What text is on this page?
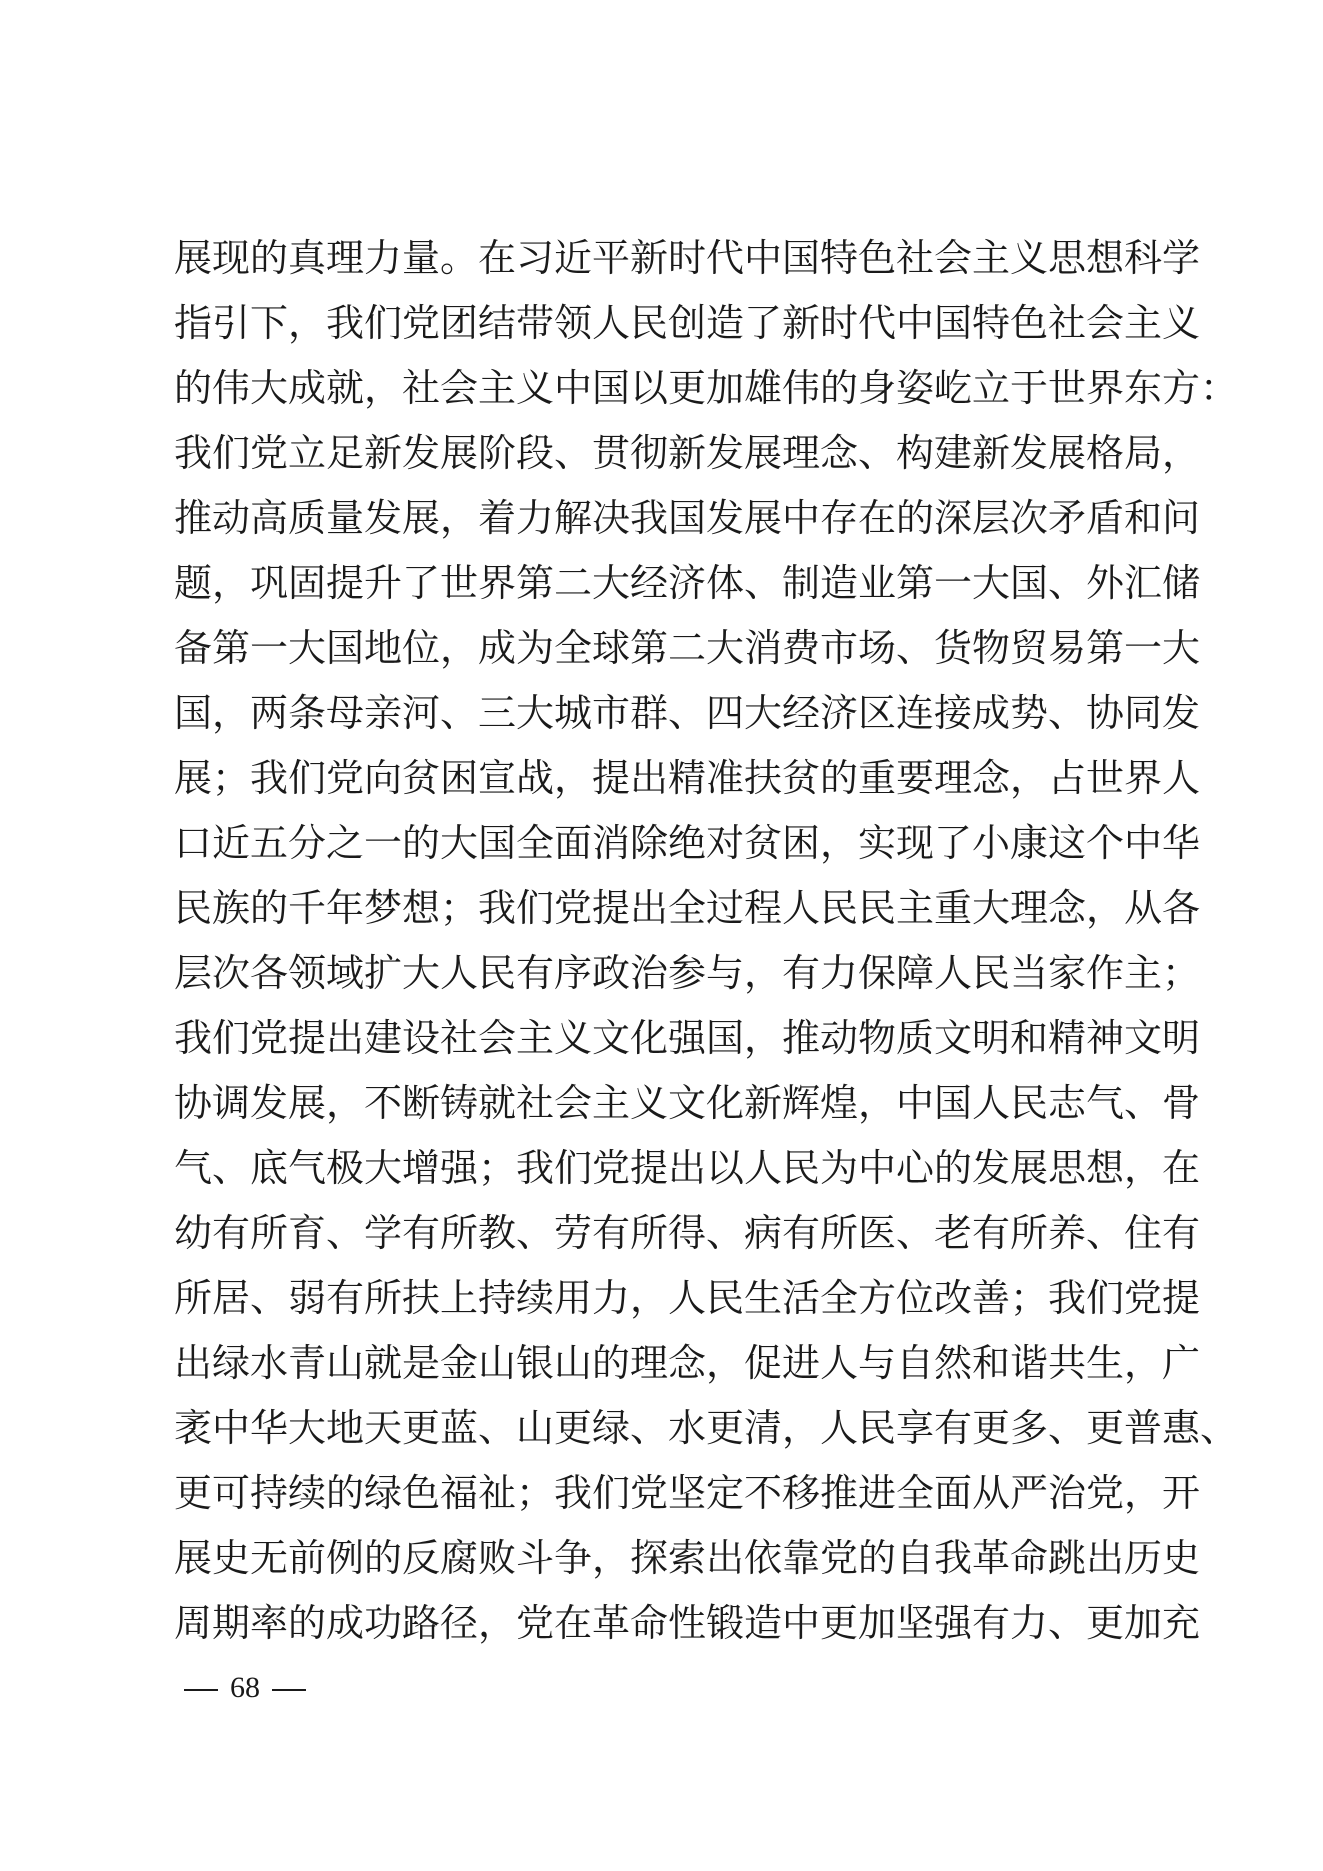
展现的真理力量。在习近平新时代中国特色社会主义思想科学
指引下，我们党团结带领人民创造了新时代中国特色社会主义
的伟大成就，社会主义中国以更加雄伟的身姿屹立于世界东方：
我们党立足新发展阶段、贯彻新发展理念、构建新发展格局，
推动高质量发展，着力解决我国发展中存在的深层次矛盾和问
题，巩固提升了世界第二大经济体、制造业第一大国、外汇储
备第一大国地位，成为全球第二大消费市场、货物贸易第一大
国，两条母亲河、三大城市群、四大经济区连接成势、协同发
展；我们党向贫困宣战，提出精准扶贫的重要理念，占世界人
口近五分之一的大国全面消除绝对贫困，实现了小康这个中华
民族的千年梦想；我们党提出全过程人民民主重大理念，从各
层次各领域扩大人民有序政治参与，有力保障人民当家作主；
我们党提出建设社会主义文化强国，推动物质文明和精神文明
协调发展，不断铸就社会主义文化新辉煌，中国人民志气、骨
气、底气极大增强；我们党提出以人民为中心的发展思想，在
幼有所育、学有所教、劳有所得、病有所医、老有所养、住有
所居、弱有所扶上持续用力，人民生活全方位改善；我们党提
出绿水青山就是金山银山的理念，促进人与自然和谐共生，广
袤中华大地天更蓝、山更绿、水更清，人民享有更多、更普惠、
更可持续的绿色福祉；我们党坚定不移推进全面从严治党，开
展史无前例的反腐败斗争，探索出依靠党的自我革命跳出历史
周期率的成功路径，党在革命性锻造中更加坚强有力、更加充
68
